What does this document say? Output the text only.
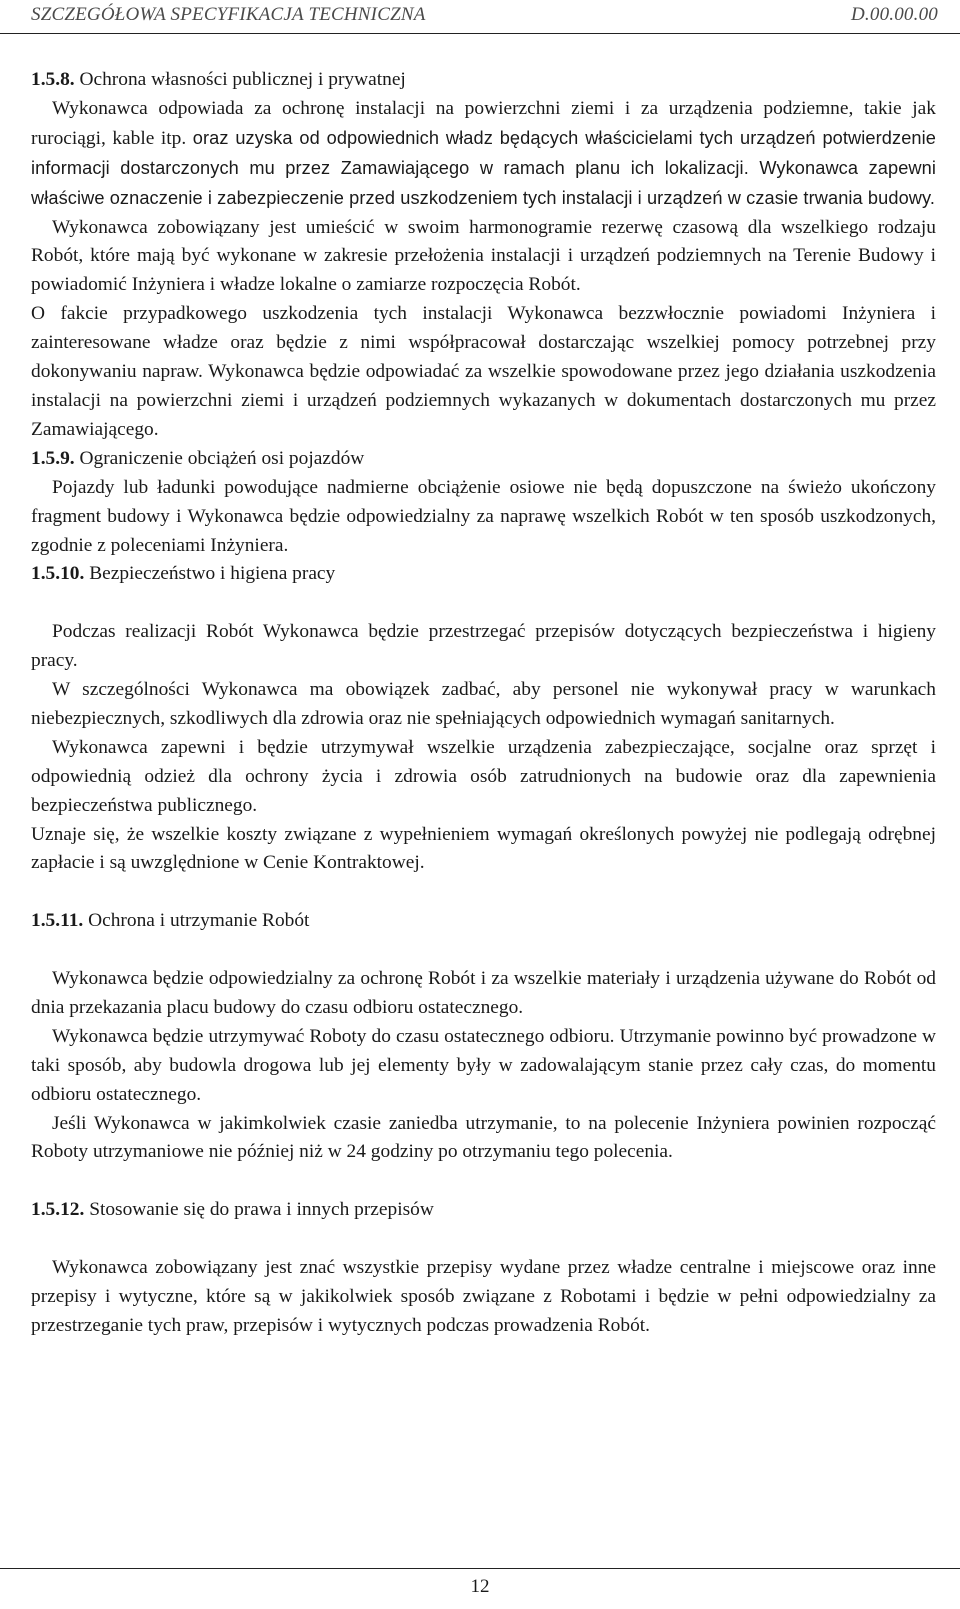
SZCZEGÓŁOWA SPECYFIKACJA TECHNICZNA	D.00.00.00

1.5.8. Ochrona własności publicznej i prywatnej

Wykonawca odpowiada za ochronę instalacji na powierzchni ziemi i za urządzenia podziemne, takie jak rurociągi, kable itp. oraz uzyska od odpowiednich władz będących właścicielami tych urządzeń potwierdzenie informacji dostarczonych mu przez Zamawiającego w ramach planu ich lokalizacji. Wykonawca zapewni właściwe oznaczenie i zabezpieczenie przed uszkodzeniem tych instalacji i urządzeń w czasie trwania budowy.

Wykonawca zobowiązany jest umieścić w swoim harmonogramie rezerwę czasową dla wszelkiego rodzaju Robót, które mają być wykonane w zakresie przełożenia instalacji i urządzeń podziemnych na Terenie Budowy i powiadomić Inżyniera i władze lokalne o zamiarze rozpoczęcia Robót.

O fakcie przypadkowego uszkodzenia tych instalacji Wykonawca bezzwłocznie powiadomi Inżyniera i zainteresowane władze oraz będzie z nimi współpracował dostarczając wszelkiej pomocy potrzebnej przy dokonywaniu napraw. Wykonawca będzie odpowiadać za wszelkie spowodowane przez jego działania uszkodzenia instalacji na powierzchni ziemi i urządzeń podziemnych wykazanych w dokumentach dostarczonych mu przez Zamawiającego.

1.5.9. Ograniczenie obciążeń osi pojazdów

Pojazdy lub ładunki powodujące nadmierne obciążenie osiowe nie będą dopuszczone na świeżo ukończony fragment budowy i Wykonawca będzie odpowiedzialny za naprawę wszelkich Robót w ten sposób uszkodzonych, zgodnie z poleceniami Inżyniera.

1.5.10. Bezpieczeństwo i higiena pracy

Podczas realizacji Robót Wykonawca będzie przestrzegać przepisów dotyczących bezpieczeństwa i higieny pracy.

W szczególności Wykonawca ma obowiązek zadbać, aby personel nie wykonywał pracy w warunkach niebezpiecznych, szkodliwych dla zdrowia oraz nie spełniających odpowiednich wymagań sanitarnych.

Wykonawca zapewni i będzie utrzymywał wszelkie urządzenia zabezpieczające, socjalne oraz sprzęt i odpowiednią odzież dla ochrony życia i zdrowia osób zatrudnionych na budowie oraz dla zapewnienia bezpieczeństwa publicznego.

Uznaje się, że wszelkie koszty związane z wypełnieniem wymagań określonych powyżej nie podlegają odrębnej zapłacie i są uwzględnione w Cenie Kontraktowej.

1.5.11. Ochrona i utrzymanie Robót

Wykonawca będzie odpowiedzialny za ochronę Robót i za wszelkie materiały i urządzenia używane do Robót od dnia przekazania placu budowy do czasu odbioru ostatecznego.

Wykonawca będzie utrzymywać Roboty do czasu ostatecznego odbioru. Utrzymanie powinno być prowadzone w taki sposób, aby budowla drogowa lub jej elementy były w zadowalającym stanie przez cały czas, do momentu odbioru ostatecznego.

Jeśli Wykonawca w jakimkolwiek czasie zaniedba utrzymanie, to na polecenie Inżyniera powinien rozpocząć Roboty utrzymaniowe nie później niż w 24 godziny po otrzymaniu tego polecenia.

1.5.12. Stosowanie się do prawa i innych przepisów

Wykonawca zobowiązany jest znać wszystkie przepisy wydane przez władze centralne i miejscowe oraz inne przepisy i wytyczne, które są w jakikolwiek sposób związane z Robotami i będzie w pełni odpowiedzialny za przestrzeganie tych praw, przepisów i wytycznych podczas prowadzenia Robót.

12
